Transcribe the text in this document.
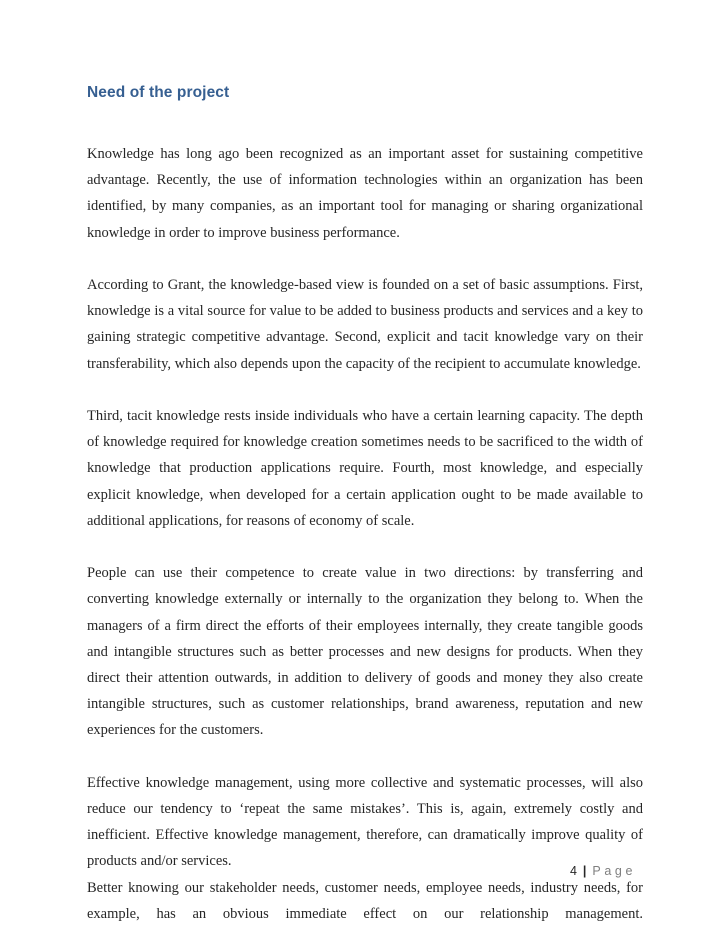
Need of the project

Knowledge has long ago been recognized as an important asset for sustaining competitive advantage. Recently, the use of information technologies within an organization has been identified, by many companies, as an important tool for managing or sharing organizational knowledge in order to improve business performance.

According to Grant, the knowledge-based view is founded on a set of basic assumptions. First, knowledge is a vital source for value to be added to business products and services and a key to gaining strategic competitive advantage. Second, explicit and tacit knowledge vary on their transferability, which also depends upon the capacity of the recipient to accumulate knowledge.

Third, tacit knowledge rests inside individuals who have a certain learning capacity. The depth of knowledge required for knowledge creation sometimes needs to be sacrificed to the width of knowledge that production applications require. Fourth, most knowledge, and especially explicit knowledge, when developed for a certain application ought to be made available to additional applications, for reasons of economy of scale.

People can use their competence to create value in two directions: by transferring and converting knowledge externally or internally to the organization they belong to. When the managers of a firm direct the efforts of their employees internally, they create tangible goods and intangible structures such as better processes and new designs for products. When they direct their attention outwards, in addition to delivery of goods and money they also create intangible structures, such as customer relationships, brand awareness, reputation and new experiences for the customers.

Effective knowledge management, using more collective and systematic processes, will also reduce our tendency to ‘repeat the same mistakes’. This is, again, extremely costly and inefficient. Effective knowledge management, therefore, can dramatically improve quality of products and/or services.

Better knowing our stakeholder needs, customer needs, employee needs, industry needs, for example, has an obvious immediate effect on our relationship management.

4 | Page
